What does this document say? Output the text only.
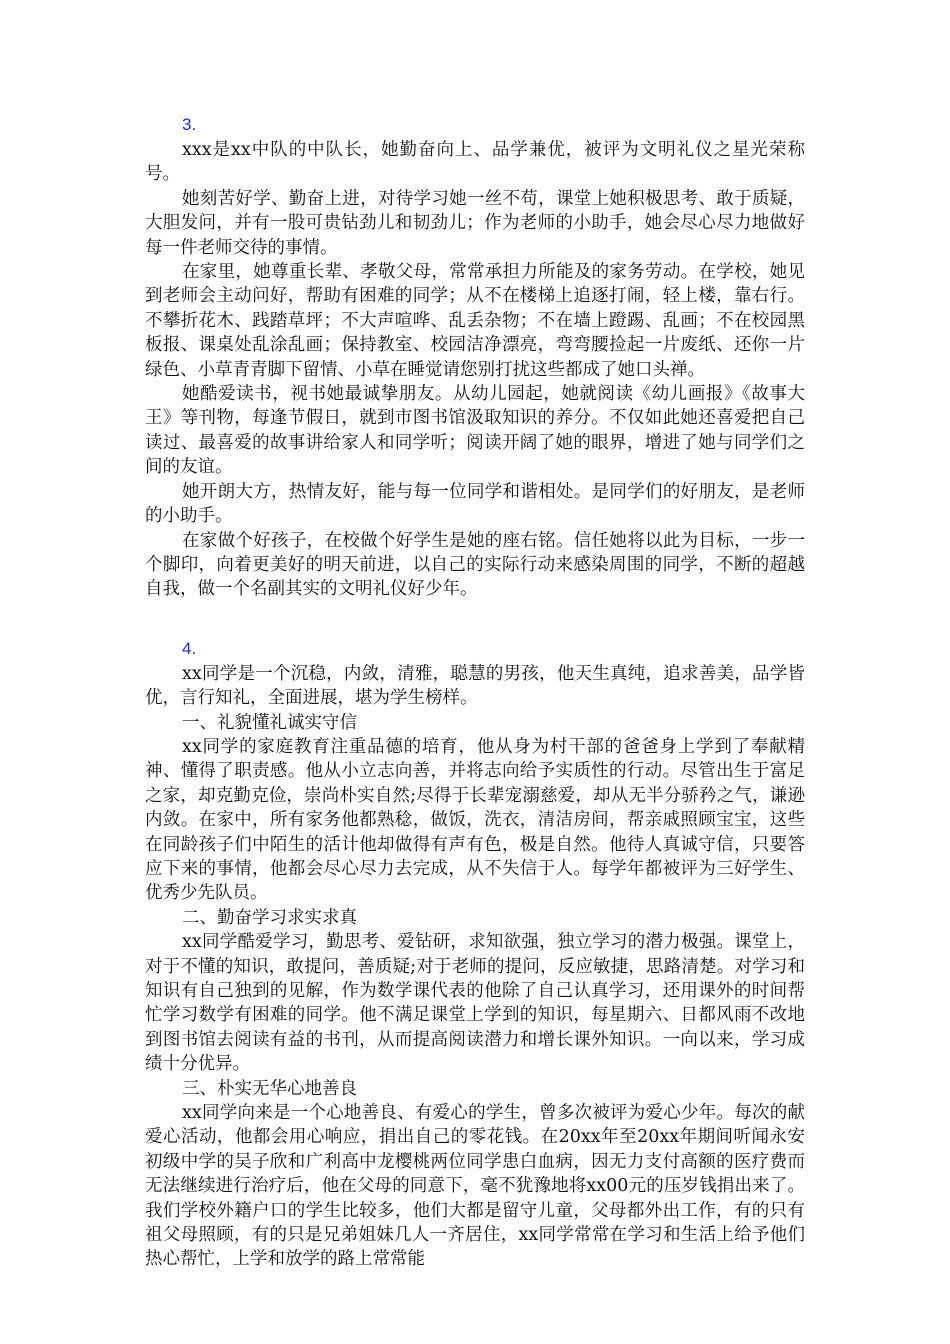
3.

xxx是xx中队的中队长，她勤奋向上、品学兼优，被评为文明礼仪之星光荣称号。

她刻苦好学、勤奋上进，对待学习她一丝不苟，课堂上她积极思考、敢于质疑，大胆发问，并有一股可贵钻劲儿和韧劲儿；作为老师的小助手，她会尽心尽力地做好每一件老师交待的事情。

在家里，她尊重长辈、孝敬父母，常常承担力所能及的家务劳动。在学校，她见到老师会主动问好，帮助有困难的同学；从不在楼梯上追逐打闹，轻上楼，靠右行。不攀折花木、践踏草坪；不大声喧哗、乱丢杂物；不在墙上蹬踢、乱画；不在校园黑板报、课桌处乱涂乱画；保持教室、校园洁净漂亮，弯弯腰捡起一片废纸、还你一片绿色、小草青青脚下留情、小草在睡觉请您别打扰这些都成了她口头禅。

她酷爱读书，视书她最诚挚朋友。从幼儿园起，她就阅读《幼儿画报》《故事大王》等刊物，每逢节假日，就到市图书馆汲取知识的养分。不仅如此她还喜爱把自己读过、最喜爱的故事讲给家人和同学听；阅读开阔了她的眼界，增进了她与同学们之间的友谊。

她开朗大方，热情友好，能与每一位同学和谐相处。是同学们的好朋友，是老师的小助手。

在家做个好孩子，在校做个好学生是她的座右铭。信任她将以此为目标，一步一个脚印，向着更美好的明天前进，以自己的实际行动来感染周围的同学，不断的超越自我，做一个名副其实的文明礼仪好少年。

4.

xx同学是一个沉稳，内敛，清雅，聪慧的男孩，他天生真纯，追求善美，品学皆优，言行知礼，全面进展，堪为学生榜样。

一、礼貌懂礼诚实守信

xx同学的家庭教育注重品德的培育，他从身为村干部的爸爸身上学到了奉献精神、懂得了职责感。他从小立志向善，并将志向给予实质性的行动。尽管出生于富足之家，却克勤克俭，崇尚朴实自然;尽得于长辈宠溺慈爱，却从无半分骄矜之气，谦逊内敛。在家中，所有家务他都熟稔，做饭，洗衣，清洁房间，帮亲戚照顾宝宝，这些在同龄孩子们中陌生的活计他却做得有声有色，极是自然。他待人真诚守信，只要答应下来的事情，他都会尽心尽力去完成，从不失信于人。每学年都被评为三好学生、优秀少先队员。

二、勤奋学习求实求真

xx同学酷爱学习，勤思考、爱钻研，求知欲强，独立学习的潜力极强。课堂上，对于不懂的知识，敢提问，善质疑;对于老师的提问，反应敏捷，思路清楚。对学习和知识有自己独到的见解，作为数学课代表的他除了自己认真学习，还用课外的时间帮忙学习数学有困难的同学。他不满足课堂上学到的知识，每星期六、日都风雨不改地到图书馆去阅读有益的书刊，从而提高阅读潜力和增长课外知识。一向以来，学习成绩十分优异。

三、朴实无华心地善良

xx同学向来是一个心地善良、有爱心的学生，曾多次被评为爱心少年。每次的献爱心活动，他都会用心响应，捐出自己的零花钱。在20xx年至20xx年期间听闻永安初级中学的吴子欣和广利高中龙樱桃两位同学患白血病，因无力支付高额的医疗费而无法继续进行治疗后，他在父母的同意下，毫不犹豫地将xx00元的压岁钱捐出来了。我们学校外籍户口的学生比较多，他们大都是留守儿童，父母都外出工作，有的只有祖父母照顾，有的只是兄弟姐妹几人一齐居住，xx同学常常在学习和生活上给予他们热心帮忙，上学和放学的路上常常能
